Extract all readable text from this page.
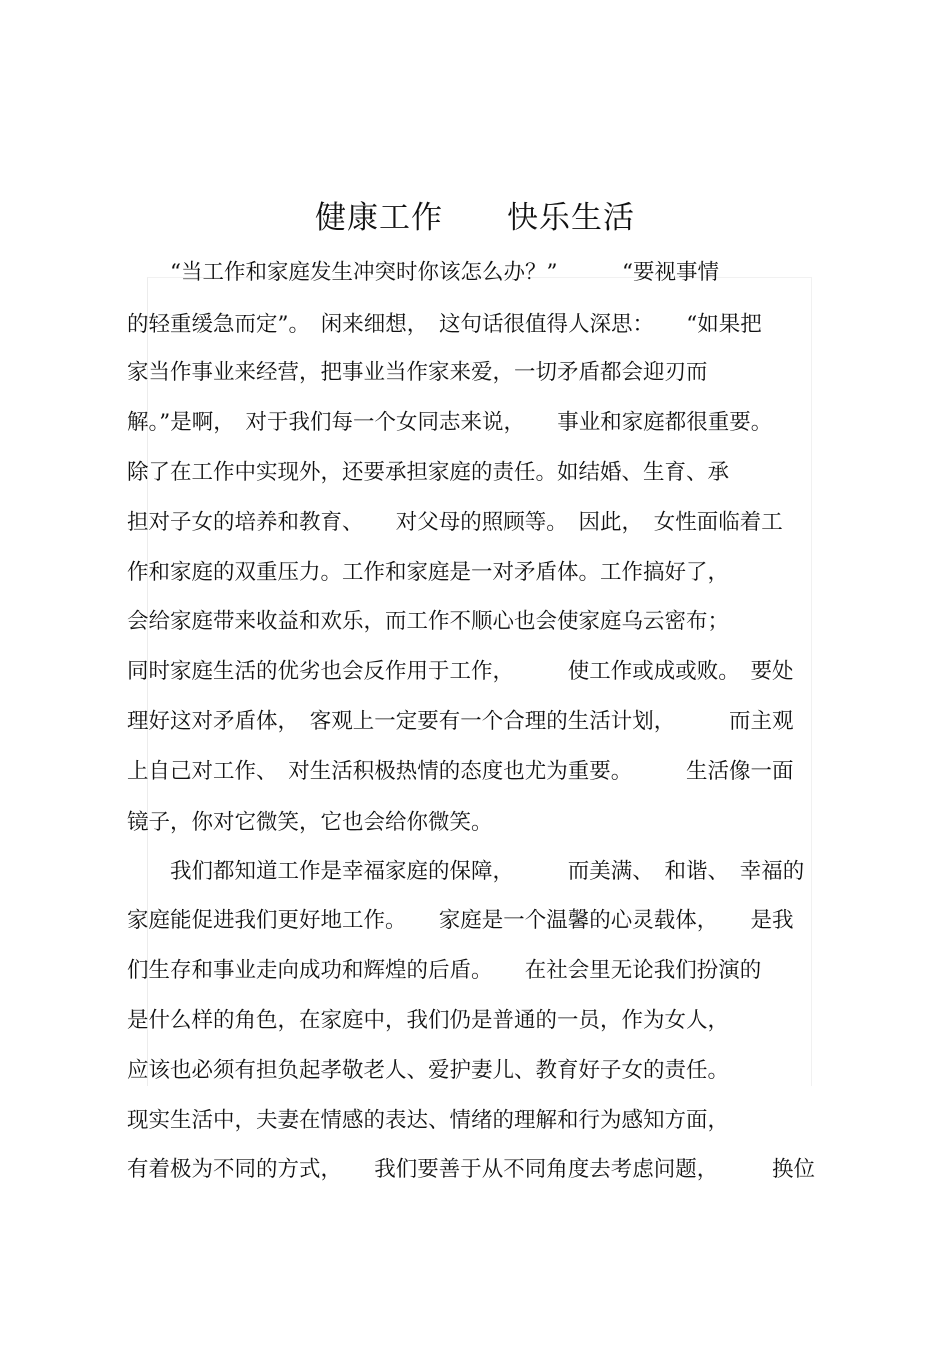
健康工作　　快乐生活
　　“当工作和家庭发生冲突时你该怎么办？”　　　“要视事情
的轻重缓急而定”。　闲来细想，　这句话很值得人深思：　　“如果把
家当作事业来经营，把事业当作家来爱，一切矛盾都会迎刃而
解。”是啊，　对于我们每一个女同志来说，　　事业和家庭都很重要。
除了在工作中实现外，还要承担家庭的责任。如结婚、生育、承
担对子女的培养和教育、　　对父母的照顾等。　因此，　女性面临着工
作和家庭的双重压力。工作和家庭是一对矛盾体。工作搞好了，
会给家庭带来收益和欢乐，而工作不顺心也会使家庭乌云密布；
同时家庭生活的优劣也会反作用于工作，　　　使工作或成或败。　要处
理好这对矛盾体，　客观上一定要有一个合理的生活计划，　　　而主观
上自己对工作、　对生活积极热情的态度也尤为重要。　　　生活像一面
镜子，你对它微笑，它也会给你微笑。
　　我们都知道工作是幸福家庭的保障，　　　而美满、　和谐、　幸福的
家庭能促进我们更好地工作。　　家庭是一个温馨的心灵载体，　　是我
们生存和事业走向成功和辉煌的后盾。　　在社会里无论我们扮演的
是什么样的角色，在家庭中，我们仍是普通的一员，作为女人，
应该也必须有担负起孝敬老人、爱护妻儿、教育好子女的责任。
现实生活中，夫妻在情感的表达、情绪的理解和行为感知方面，
有着极为不同的方式，　　我们要善于从不同角度去考虑问题，　　　换位
